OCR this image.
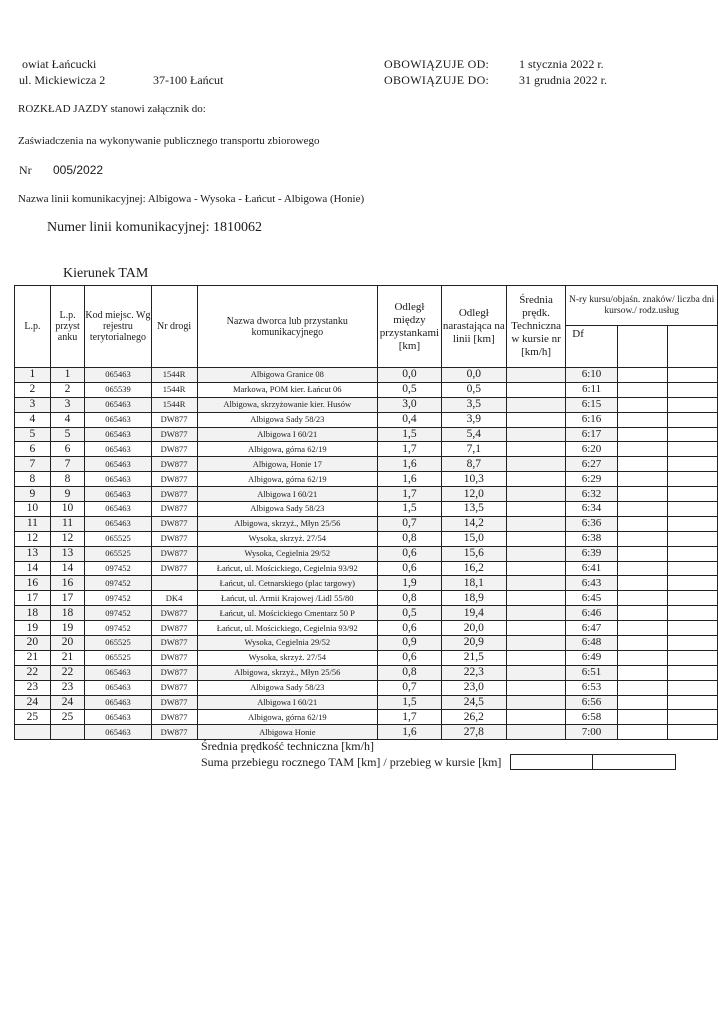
owiat Łańcucki
ul. Mickiewicza 2	37-100 Łańcut
OBOWIĄZUJE OD: 1 stycznia 2022 r.
OBOWIĄZUJE DO: 31 grudnia 2022 r.
ROZKŁAD JAZDY stanowi załącznik do:
Zaświadczenia na wykonywanie publicznego transportu zbiorowego
Nr 005/2022
Nazwa linii komunikacyjnej: Albigowa - Wysoka - Łańcut - Albigowa (Honie)
Numer linii komunikacyjnej: 1810062
Kierunek TAM
L.p.	L.p. przyst anku	Kod miejsc. Wg rejestru terytorialnego	Nr drogi	Nazwa dworca lub przystanku komunikacyjnego	Odległ między przystankami [km]	Odległ narastająca na linii [km]	Średnia prędk. Techniczna w kursie nr [km/h]	N-ry kursu/objaśn. znaków/ liczba dni kursow./ rodz.usług		
								Df		
1	1	065463	1544R	Albigowa Granice 08	0,0	0,0		6:10		
2	2	065539	1544R	Markowa, POM kier. Łańcut 06	0,5	0,5		6:11		
3	3	065463	1544R	Albigowa, skrzyżowanie kier. Husów	3,0	3,5		6:15		
4	4	065463	DW877	Albigowa Sady 58/23	0,4	3,9		6:16		
5	5	065463	DW877	Albigowa I 60/21	1,5	5,4		6:17		
6	6	065463	DW877	Albigowa, górna 62/19	1,7	7,1		6:20		
7	7	065463	DW877	Albigowa, Honie 17	1,6	8,7		6:27		
8	8	065463	DW877	Albigowa, górna 62/19	1,6	10,3		6:29		
9	9	065463	DW877	Albigowa I 60/21	1,7	12,0		6:32		
10	10	065463	DW877	Albigowa Sady 58/23	1,5	13,5		6:34		
11	11	065463	DW877	Albigowa, skrzyż., Młyn 25/56	0,7	14,2		6:36		
12	12	065525	DW877	Wysoka, skrzyż. 27/54	0,8	15,0		6:38		
13	13	065525	DW877	Wysoka, Cegielnia 29/52	0,6	15,6		6:39		
14	14	097452	DW877	Łańcut, ul. Mościckiego, Cegielnia 93/92	0,6	16,2		6:41		
16	16	097452		Łańcut, ul. Cetnarskiego (plac targowy)	1,9	18,1		6:43		
17	17	097452	DK4	Łańcut, ul. Armii Krajowej /Lidl 55/80	0,8	18,9		6:45		
18	18	097452	DW877	Łańcut, ul. Mościckiego Cmentarz 50 P	0,5	19,4		6:46		
19	19	097452	DW877	Łańcut, ul. Mościckiego, Cegielnia 93/92	0,6	20,0		6:47		
20	20	065525	DW877	Wysoka, Cegielnia 29/52	0,9	20,9		6:48		
21	21	065525	DW877	Wysoka, skrzyż. 27/54	0,6	21,5		6:49		
22	22	065463	DW877	Albigowa, skrzyż., Młyn 25/56	0,8	22,3		6:51		
23	23	065463	DW877	Albigowa Sady 58/23	0,7	23,0		6:53		
24	24	065463	DW877	Albigowa I 60/21	1,5	24,5		6:56		
25	25	065463	DW877	Albigowa, górna 62/19	1,7	26,2		6:58		
		065463	DW877	Albigowa Honie	1,6	27,8		7:00		
Średnia prędkość techniczna [km/h]
Suma przebiegu rocznego TAM [km] / przebieg w kursie [km]
